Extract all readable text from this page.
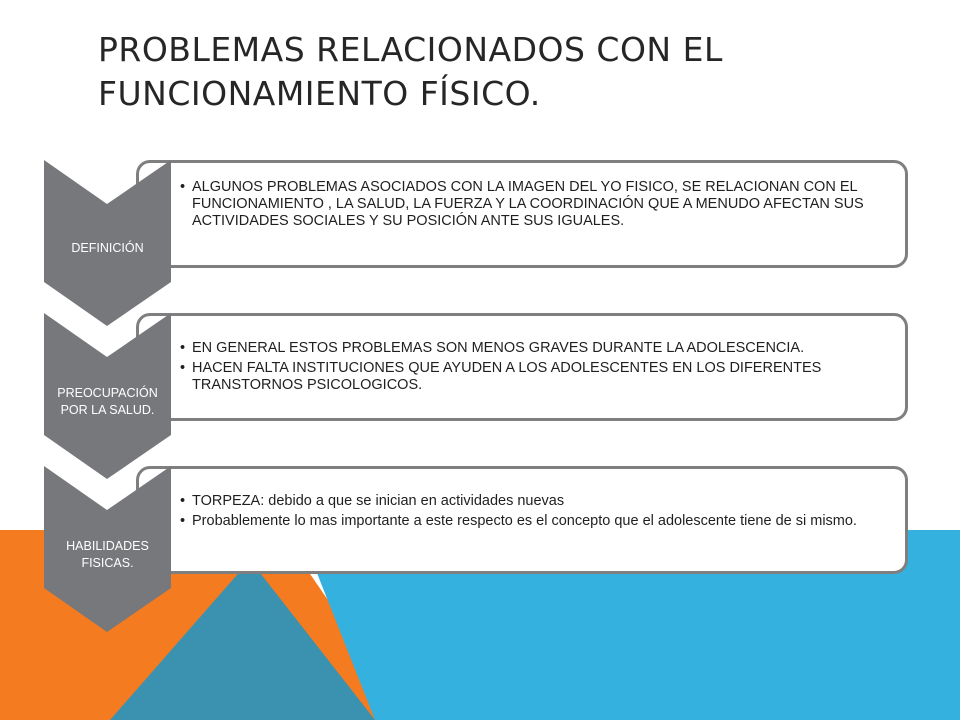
PROBLEMAS RELACIONADOS CON EL FUNCIONAMIENTO FÍSICO.
DEFINICIÓN
• ALGUNOS PROBLEMAS ASOCIADOS CON LA IMAGEN DEL YO FISICO, SE RELACIONAN CON EL FUNCIONAMIENTO , LA SALUD, LA FUERZA Y LA COORDINACIÓN QUE A MENUDO AFECTAN SUS ACTIVIDADES SOCIALES Y SU POSICIÓN ANTE SUS IGUALES.
PREOCUPACIÓN POR LA SALUD.
• EN GENERAL ESTOS PROBLEMAS SON MENOS GRAVES DURANTE LA ADOLESCENCIA.
• HACEN FALTA INSTITUCIONES QUE AYUDEN A LOS ADOLESCENTES EN LOS DIFERENTES TRANSTORNOS PSICOLOGICOS.
HABILIDADES FISICAS.
• TORPEZA: debido a que se inician en actividades nuevas
• Probablemente lo mas importante a este respecto es el concepto que el adolescente tiene de si mismo.
